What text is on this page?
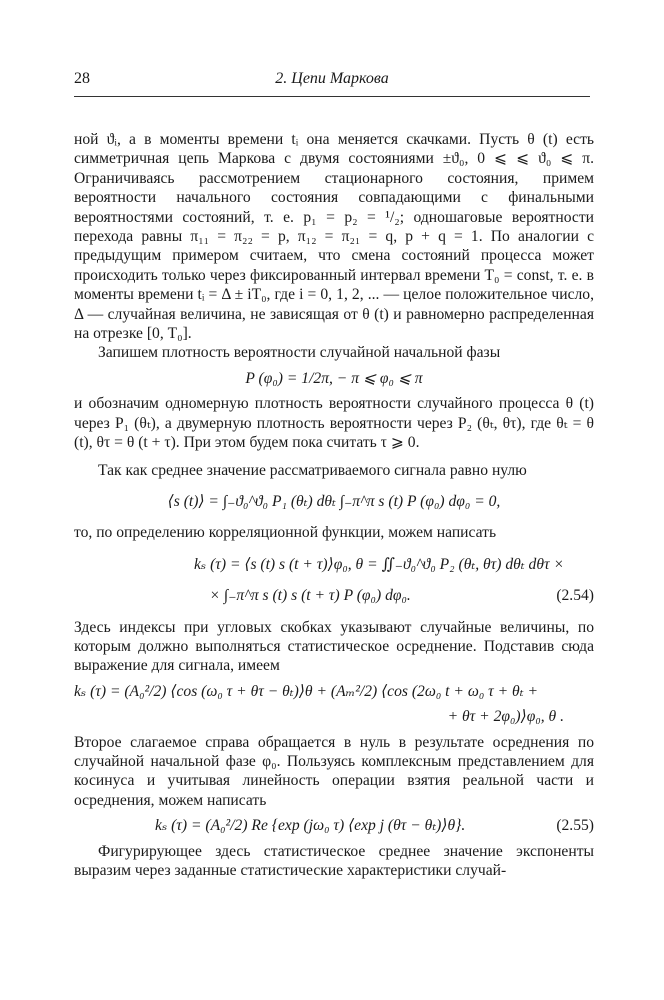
28	2. Цепи Маркова

ной ϑᵢ, а в моменты времени tᵢ она меняется скачками. Пусть θ (t) есть симметричная цепь Маркова с двумя состояниями ±ϑ₀, 0 ⩽ ⩽ ϑ₀ ⩽ π. Ограничиваясь рассмотрением стационарного состояния, примем вероятности начального состояния совпадающими с финальными вероятностями состояний, т. е. p₁ = p₂ = ¹/₂; одношаговые вероятности перехода равны π₁₁ = π₂₂ = p, π₁₂ = π₂₁ = q, p + q = 1. По аналогии с предыдущим примером считаем, что смена состояний процесса может происходить только через фиксированный интервал времени T₀ = const, т. е. в моменты времени tᵢ = Δ ± iT₀, где i = 0, 1, 2, ... — целое положительное число, Δ — случайная величина, не зависящая от θ (t) и равномерно распределенная на отрезке [0, T₀].

Запишем плотность вероятности случайной начальной фазы

P (φ₀) = 1/2π, − π ⩽ φ₀ ⩽ π

и обозначим одномерную плотность вероятности случайного процесса θ (t) через P₁ (θₜ), а двумерную плотность вероятности через P₂ (θₜ, θτ), где θₜ = θ (t), θτ = θ (t + τ). При этом будем пока считать τ ⩾ 0.

Так как среднее значение рассматриваемого сигнала равно нулю

⟨s (t)⟩ = ∫₋ϑ₀^ϑ₀ P₁ (θₜ) dθₜ ∫₋π^π s (t) P (φ₀) dφ₀ = 0,

то, по определению корреляционной функции, можем написать

kₛ (τ) = ⟨s (t) s (t + τ)⟩φ₀, θ = ∬₋ϑ₀^ϑ₀ P₂ (θₜ, θτ) dθₜ dθτ ×
× ∫₋π^π s (t) s (t + τ) P (φ₀) dφ₀.	(2.54)

Здесь индексы при угловых скобках указывают случайные величины, по которым должно выполняться статистическое осреднение. Подставив сюда выражение для сигнала, имеем

kₛ (τ) = (A₀²/2) ⟨cos (ω₀ τ + θτ − θₜ)⟩θ + (Aₘ²/2) ⟨cos (2ω₀ t + ω₀ τ + θₜ +
+ θτ + 2φ₀)⟩φ₀, θ .

Второе слагаемое справа обращается в нуль в результате осреднения по случайной начальной фазе φ₀. Пользуясь комплексным представлением для косинуса и учитывая линейность операции взятия реальной части и осреднения, можем написать

kₛ (τ) = (A₀²/2) Re {exp (jω₀ τ) ⟨exp j (θτ − θₜ)⟩θ}.	(2.55)

Фигурирующее здесь статистическое среднее значение экспоненты выразим через заданные статистические характеристики случай-
